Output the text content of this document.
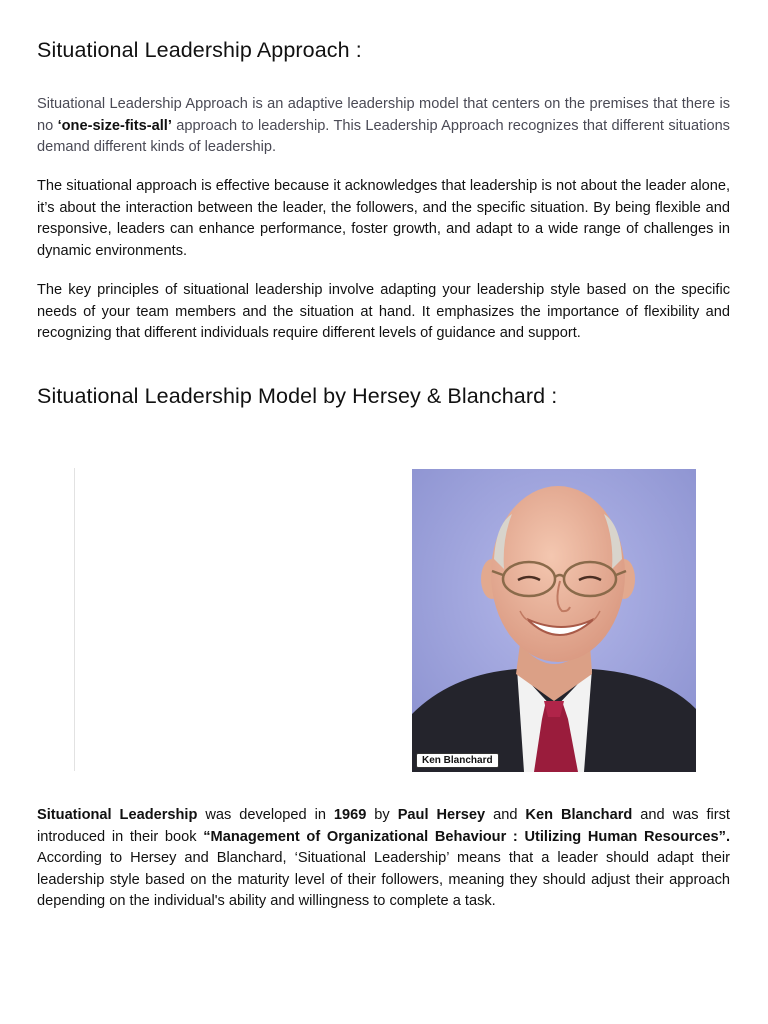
Situational Leadership Approach :

Situational Leadership Approach is an adaptive leadership model that centers on the premises that there is no ‘one-size-fits-all’ approach to leadership. This Leadership Approach recognizes that different situations demand different kinds of leadership.

The situational approach is effective because it acknowledges that leadership is not about the leader alone, it’s about the interaction between the leader, the followers, and the specific situation. By being flexible and responsive, leaders can enhance performance, foster growth, and adapt to a wide range of challenges in dynamic environments.

The key principles of situational leadership involve adapting your leadership style based on the specific needs of your team members and the situation at hand. It emphasizes the importance of flexibility and recognizing that different individuals require different levels of guidance and support.

Situational Leadership Model by Hersey & Blanchard :
Ken Blanchard

Situational Leadership was developed in 1969 by Paul Hersey and Ken Blanchard and was first introduced in their book “Management of Organizational Behaviour : Utilizing Human Resources”. According to Hersey and Blanchard, ‘Situational Leadership’ means that a leader should adapt their leadership style based on the maturity level of their followers, meaning they should adjust their approach depending on the individual's ability and willingness to complete a task.
